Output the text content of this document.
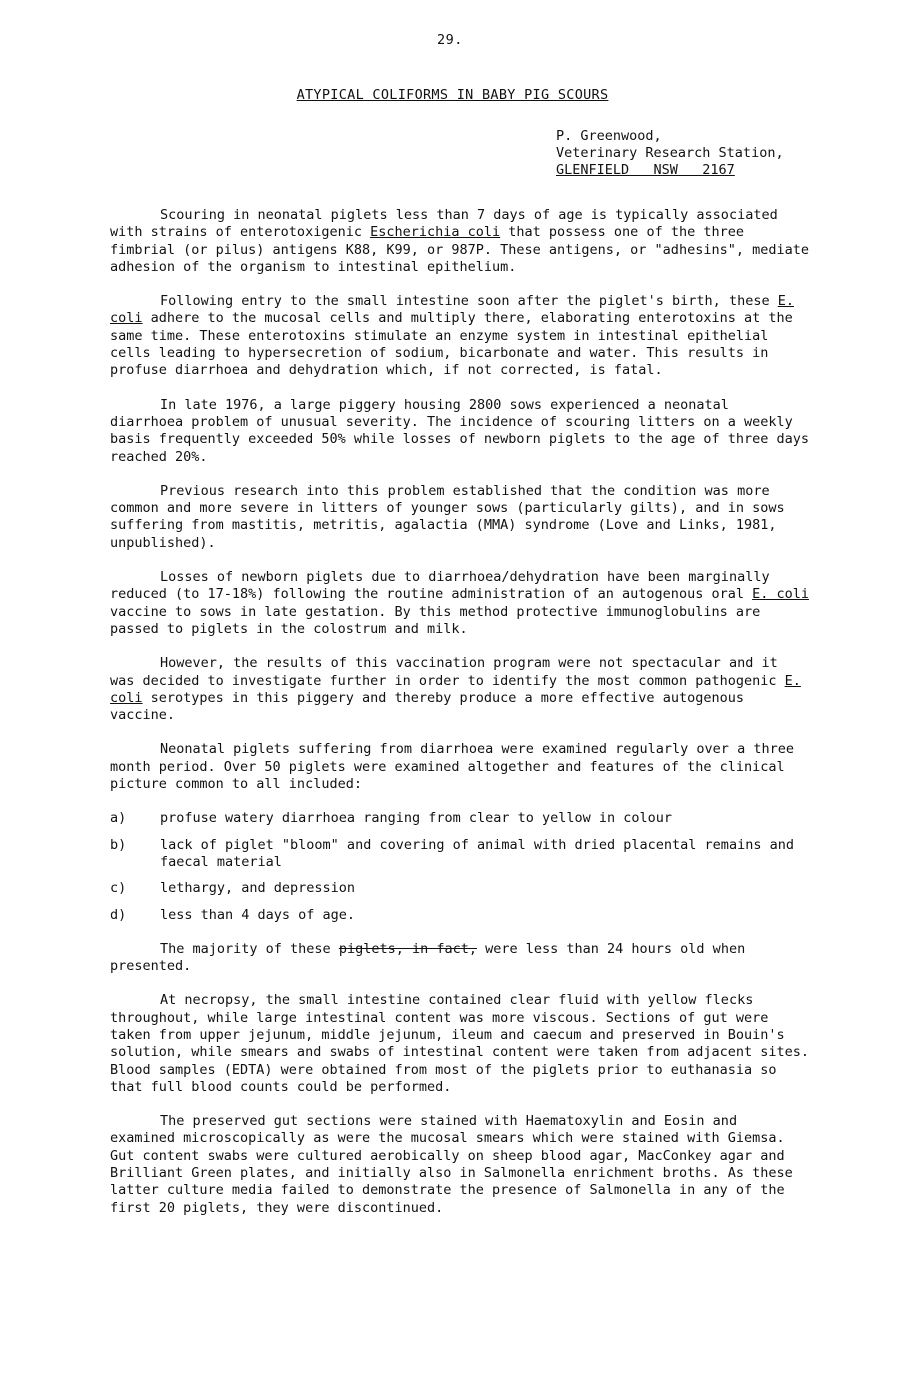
29.
ATYPICAL COLIFORMS IN BABY PIG SCOURS
P. Greenwood,
Veterinary Research Station,
GLENFIELD   NSW   2167

Scouring in neonatal piglets less than 7 days of age is typically associated with strains of enterotoxigenic Escherichia coli that possess one of the three fimbrial (or pilus) antigens K88, K99, or 987P. These antigens, or "adhesins", mediate adhesion of the organism to intestinal epithelium.

Following entry to the small intestine soon after the piglet's birth, these E. coli adhere to the mucosal cells and multiply there, elaborating enterotoxins at the same time. These enterotoxins stimulate an enzyme system in intestinal epithelial cells leading to hypersecretion of sodium, bicarbonate and water. This results in profuse diarrhoea and dehydration which, if not corrected, is fatal.

In late 1976, a large piggery housing 2800 sows experienced a neonatal diarrhoea problem of unusual severity. The incidence of scouring litters on a weekly basis frequently exceeded 50% while losses of newborn piglets to the age of three days reached 20%.

Previous research into this problem established that the condition was more common and more severe in litters of younger sows (particularly gilts), and in sows suffering from mastitis, metritis, agalactia (MMA) syndrome (Love and Links, 1981, unpublished).

Losses of newborn piglets due to diarrhoea/dehydration have been marginally reduced (to 17-18%) following the routine administration of an autogenous oral E. coli vaccine to sows in late gestation. By this method protective immunoglobulins are passed to piglets in the colostrum and milk.

However, the results of this vaccination program were not spectacular and it was decided to investigate further in order to identify the most common pathogenic E. coli serotypes in this piggery and thereby produce a more effective autogenous vaccine.

Neonatal piglets suffering from diarrhoea were examined regularly over a three month period. Over 50 piglets were examined altogether and features of the clinical picture common to all included:

a)	profuse watery diarrhoea ranging from clear to yellow in colour
b)	lack of piglet "bloom" and covering of animal with dried placental remains and faecal material
c)	lethargy, and depression
d)	less than 4 days of age.

The majority of these piglets, in fact, were less than 24 hours old when presented.

At necropsy, the small intestine contained clear fluid with yellow flecks throughout, while large intestinal content was more viscous. Sections of gut were taken from upper jejunum, middle jejunum, ileum and caecum and preserved in Bouin's solution, while smears and swabs of intestinal content were taken from adjacent sites. Blood samples (EDTA) were obtained from most of the piglets prior to euthanasia so that full blood counts could be performed.

The preserved gut sections were stained with Haematoxylin and Eosin and examined microscopically as were the mucosal smears which were stained with Giemsa. Gut content swabs were cultured aerobically on sheep blood agar, MacConkey agar and Brilliant Green plates, and initially also in Salmonella enrichment broths. As these latter culture media failed to demonstrate the presence of Salmonella in any of the first 20 piglets, they were discontinued.
